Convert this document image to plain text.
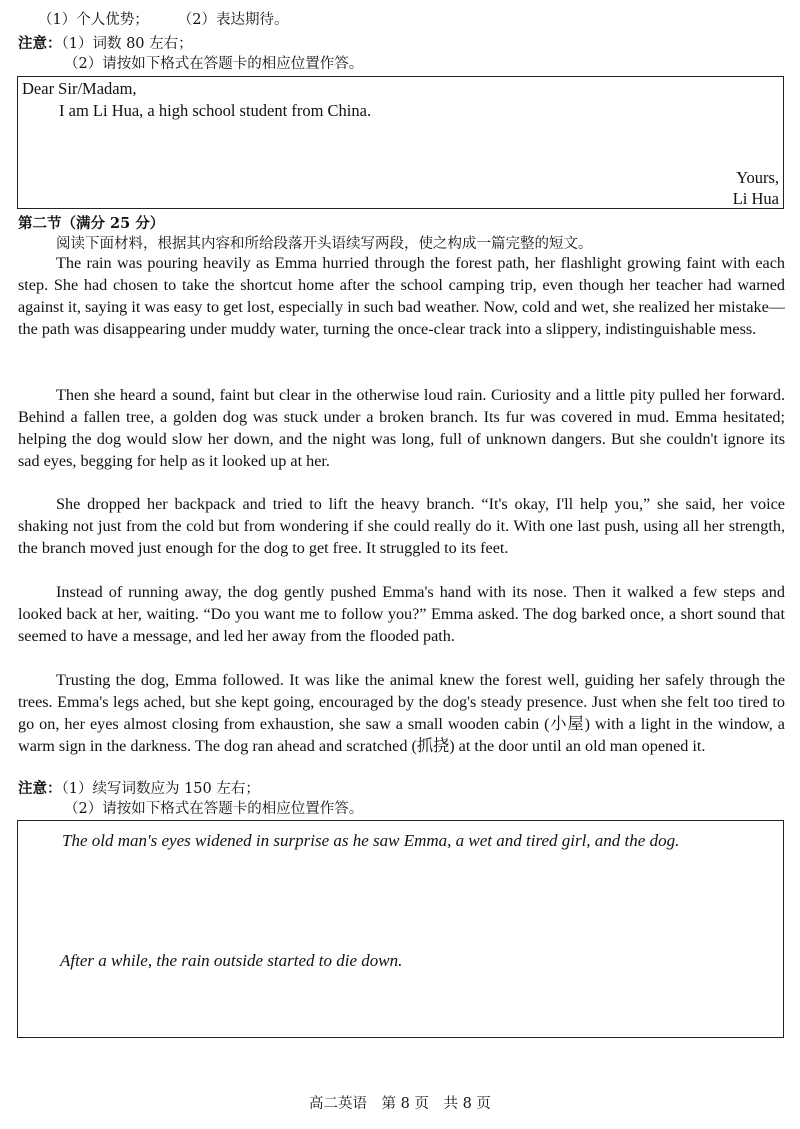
（1）个人优势；　　　（2）表达期待。
注意：（1）词数 80 左右；
（2）请按如下格式在答题卡的相应位置作答。
Dear Sir/Madam,
I am Li Hua, a high school student from China.
Yours,
Li Hua
第二节（满分 25 分）
阅读下面材料，根据其内容和所给段落开头语续写两段，使之构成一篇完整的短文。

The rain was pouring heavily as Emma hurried through the forest path, her flashlight growing faint with each step. She had chosen to take the shortcut home after the school camping trip, even though her teacher had warned against it, saying it was easy to get lost, especially in such bad weather. Now, cold and wet, she realized her mistake—the path was disappearing under muddy water, turning the once-clear track into a slippery, indistinguishable mess.

Then she heard a sound, faint but clear in the otherwise loud rain. Curiosity and a little pity pulled her forward. Behind a fallen tree, a golden dog was stuck under a broken branch. Its fur was covered in mud. Emma hesitated; helping the dog would slow her down, and the night was long, full of unknown dangers. But she couldn't ignore its sad eyes, begging for help as it looked up at her.

She dropped her backpack and tried to lift the heavy branch. “It's okay, I'll help you,” she said, her voice shaking not just from the cold but from wondering if she could really do it. With one last push, using all her strength, the branch moved just enough for the dog to get free. It struggled to its feet.

Instead of running away, the dog gently pushed Emma's hand with its nose. Then it walked a few steps and looked back at her, waiting. “Do you want me to follow you?” Emma asked. The dog barked once, a short sound that seemed to have a message, and led her away from the flooded path.

Trusting the dog, Emma followed. It was like the animal knew the forest well, guiding her safely through the trees. Emma's legs ached, but she kept going, encouraged by the dog's steady presence. Just when she felt too tired to go on, her eyes almost closing from exhaustion, she saw a small wooden cabin (小屋) with a light in the window, a warm sign in the darkness. The dog ran ahead and scratched (抓挠) at the door until an old man opened it.

注意：（1）续写词数应为 150 左右；
（2）请按如下格式在答题卡的相应位置作答。
The old man's eyes widened in surprise as he saw Emma, a wet and tired girl, and the dog.
After a while, the rain outside started to die down.
高二英语　第 8 页　共 8 页
